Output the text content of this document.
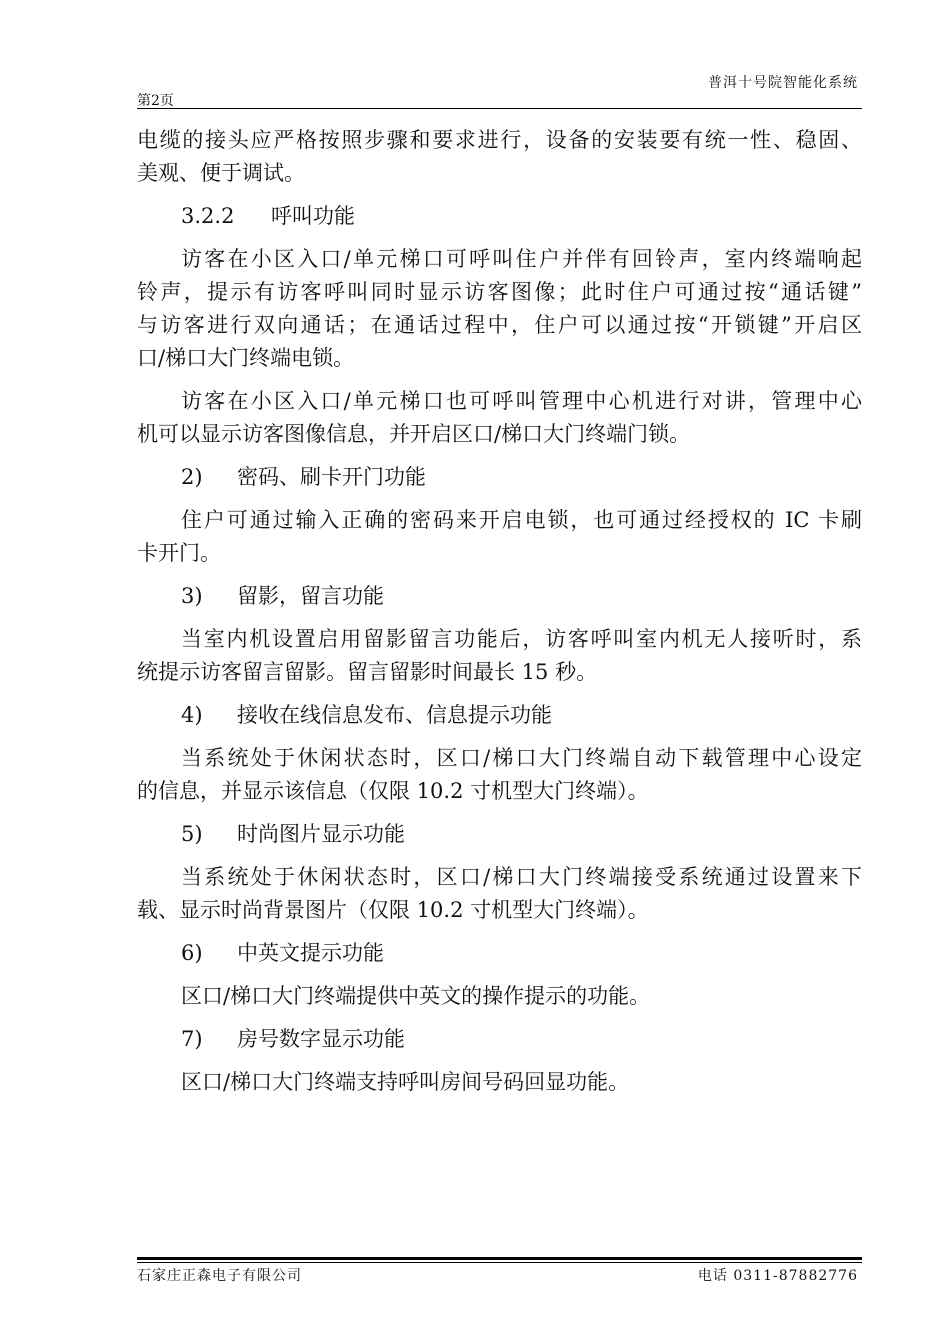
普洱十号院智能化系统
第2页
电缆的接头应严格按照步骤和要求进行，设备的安装要有统一性、稳固、
美观、便于调试。
3.2.2 呼叫功能
访客在小区入口/单元梯口可呼叫住户并伴有回铃声，室内终端响起
铃声，提示有访客呼叫同时显示访客图像；此时住户可通过按“通话键”
与访客进行双向通话；在通话过程中，住户可以通过按“开锁键”开启区
口/梯口大门终端电锁。
访客在小区入口/单元梯口也可呼叫管理中心机进行对讲，管理中心
机可以显示访客图像信息，并开启区口/梯口大门终端门锁。
2) 密码、刷卡开门功能
住户可通过输入正确的密码来开启电锁，也可通过经授权的 IC 卡刷
卡开门。
3) 留影，留言功能
当室内机设置启用留影留言功能后，访客呼叫室内机无人接听时，系
统提示访客留言留影。留言留影时间最长 15 秒。
4) 接收在线信息发布、信息提示功能
当系统处于休闲状态时，区口/梯口大门终端自动下载管理中心设定
的信息，并显示该信息（仅限 10.2 寸机型大门终端）。
5) 时尚图片显示功能
当系统处于休闲状态时，区口/梯口大门终端接受系统通过设置来下
载、显示时尚背景图片（仅限 10.2 寸机型大门终端）。
6) 中英文提示功能
区口/梯口大门终端提供中英文的操作提示的功能。
7) 房号数字显示功能
区口/梯口大门终端支持呼叫房间号码回显功能。
石家庄正森电子有限公司	电话 0311-87882776
